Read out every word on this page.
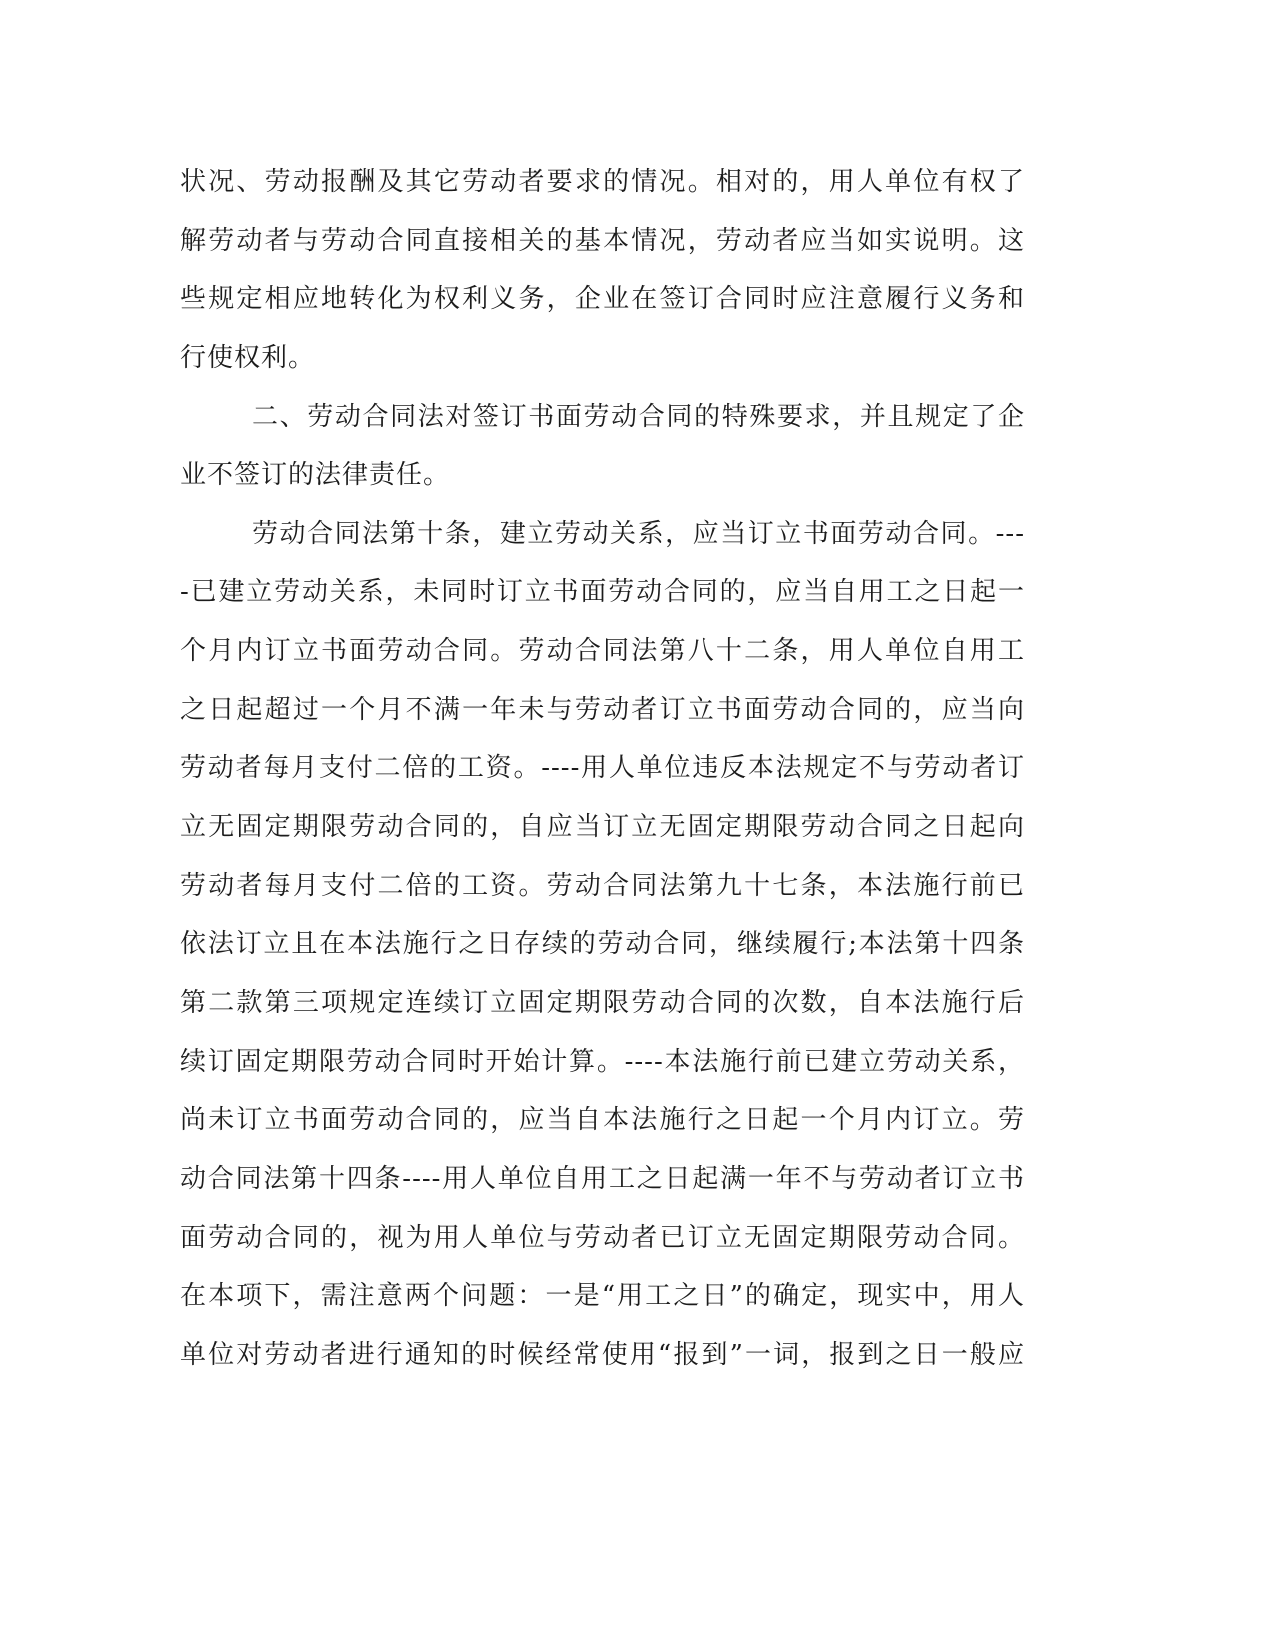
状况、劳动报酬及其它劳动者要求的情况。相对的，用人单位有权了
解劳动者与劳动合同直接相关的基本情况，劳动者应当如实说明。这
些规定相应地转化为权利义务，企业在签订合同时应注意履行义务和
行使权利。
二、劳动合同法对签订书面劳动合同的特殊要求，并且规定了企
业不签订的法律责任。
劳动合同法第十条，建立劳动关系，应当订立书面劳动合同。---
-已建立劳动关系，未同时订立书面劳动合同的，应当自用工之日起一
个月内订立书面劳动合同。劳动合同法第八十二条，用人单位自用工
之日起超过一个月不满一年未与劳动者订立书面劳动合同的，应当向
劳动者每月支付二倍的工资。----用人单位违反本法规定不与劳动者订
立无固定期限劳动合同的，自应当订立无固定期限劳动合同之日起向
劳动者每月支付二倍的工资。劳动合同法第九十七条，本法施行前已
依法订立且在本法施行之日存续的劳动合同，继续履行;本法第十四条
第二款第三项规定连续订立固定期限劳动合同的次数，自本法施行后
续订固定期限劳动合同时开始计算。----本法施行前已建立劳动关系，
尚未订立书面劳动合同的，应当自本法施行之日起一个月内订立。劳
动合同法第十四条----用人单位自用工之日起满一年不与劳动者订立书
面劳动合同的，视为用人单位与劳动者已订立无固定期限劳动合同。
在本项下，需注意两个问题：一是“用工之日”的确定，现实中，用人
单位对劳动者进行通知的时候经常使用“报到”一词，报到之日一般应
